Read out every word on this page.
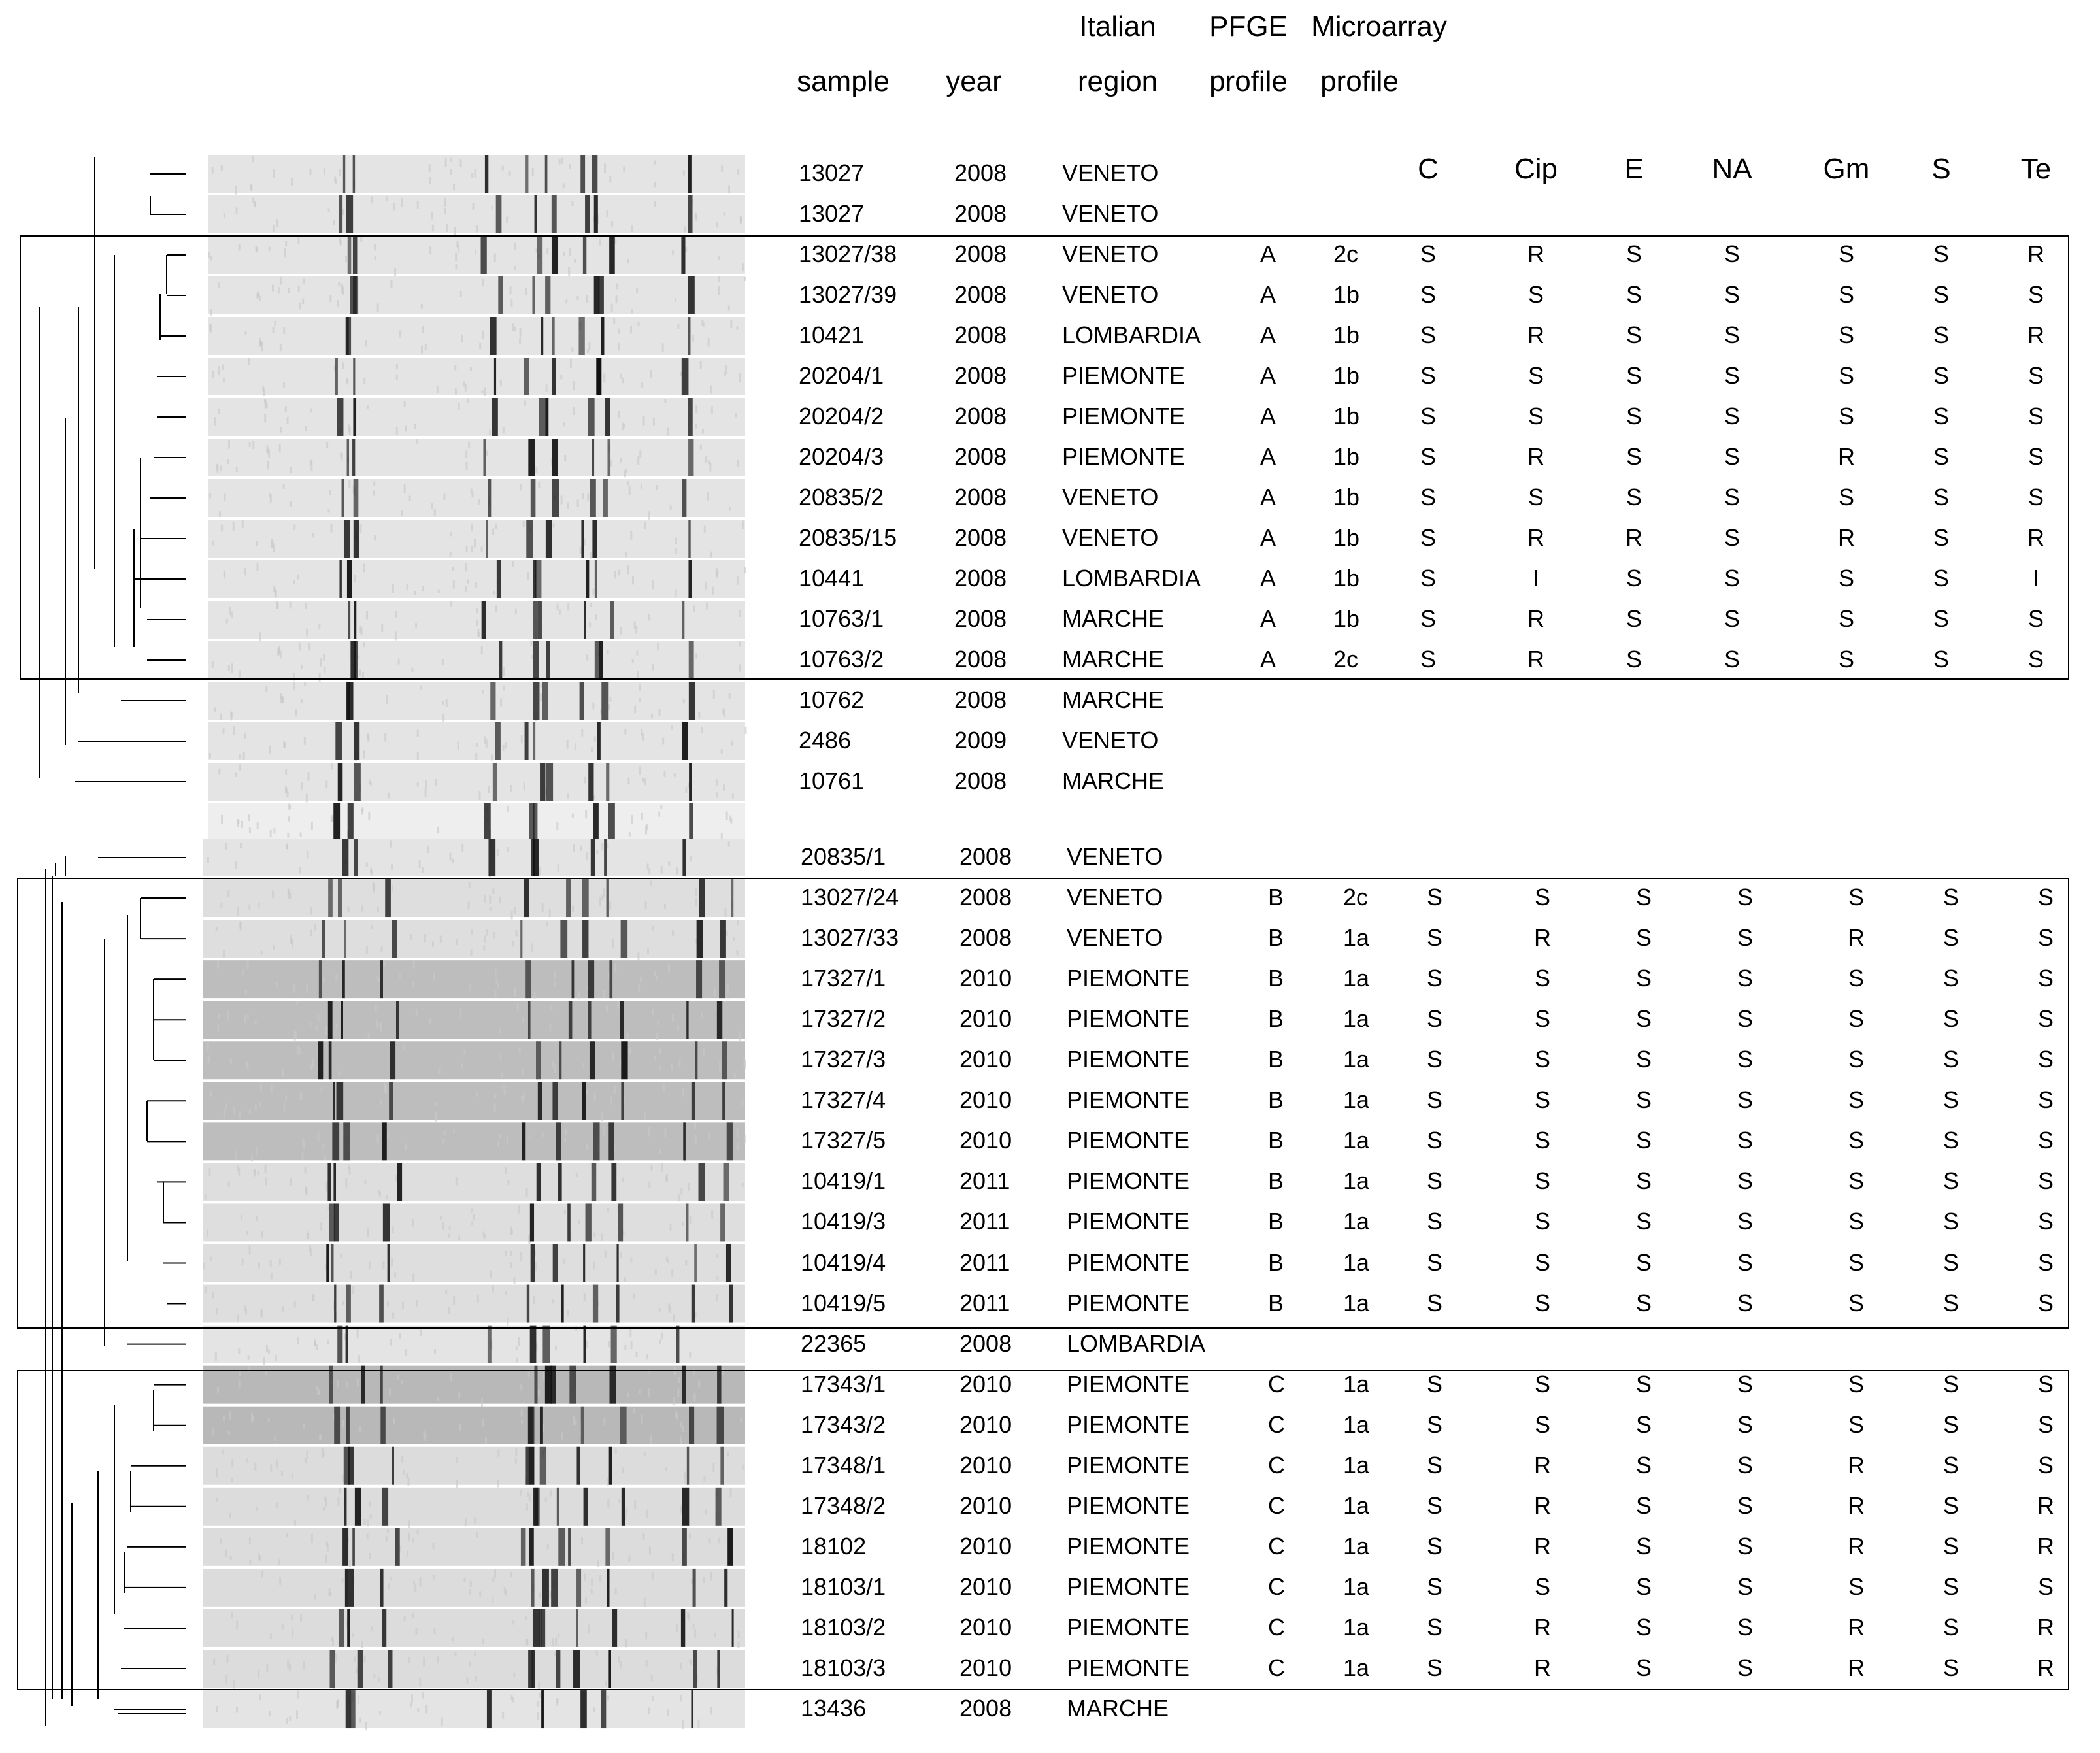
sample	year
Italian
region
PFGE
profile
Microarray
profile
C	Cip	E	NA	Gm	S	Te
13027	2008 VENETO
13027	2008 VENETO
13027/38 2008 VENETO	A 2c	S	R	S	S	S	S	R
13027/39 2008 VENETO	A 1b	S	S	S	S	S	S	S
10421	2008 LOMBARDIA	A 1b	S	R	S	S	S	S	R
20204/1	2008 PIEMONTE	A 1b	S	S	S	S	S	S	S
20204/2	2008 PIEMONTE	A 1b	S	S	S	S	S	S	S
20204/3	2008 PIEMONTE	A 1b	S	R	S	S	R	S	S
20835/2	2008 VENETO	A 1b	S	S	S	S	S	S	S
20835/15 2008 VENETO	A 1b	S	R	R	S	R	S	R
10441	2008 LOMBARDIA	A 1b	S	I	S	S	S	S	I
10763/1	2008 MARCHE	A 1b	S	R	S	S	S	S	S
10763/2	2008 MARCHE	A 2c	S	R	S	S	S	S	S
10762	2008 MARCHE
2486	2009 VENETO
10761	2008 MARCHE
20835/1	2008 VENETO
13027/24	2008 VENETO	B	2c S	S	S	S	S	S	S
13027/33	2008 VENETO	B	1a S	R	S	S	R	S	S
17327/1	2010 PIEMONTE	B	1a S	S	S	S	S	S	S
17327/2	2010 PIEMONTE	B	1a S	S	S	S	S	S	S
17327/3	2010 PIEMONTE	B	1a S	S	S	S	S	S	S
17327/4	2010 PIEMONTE	B	1a S	S	S	S	S	S	S
17327/5	2010 PIEMONTE	B	1a S	S	S	S	S	S	S
10419/1	2011 PIEMONTE	B	1a S	S	S	S	S	S	S
10419/3	2011 PIEMONTE	B	1a S	S	S	S	S	S	S
10419/4	2011 PIEMONTE	B	1a S	S	S	S	S	S	S
10419/5	2011 PIEMONTE	B	1a S	S	S	S	S	S	S
22365	2008 LOMBARDIA
17343/1	2010 PIEMONTE	C 1a S	S	S	S	S	S	S
17343/2	2010 PIEMONTE	C 1a S	S	S	S	S	S	S
17348/1	2010 PIEMONTE	C 1a S	R	S	S	R	S	S
17348/2	2010 PIEMONTE	C 1a S	R	S	S	R	S	R
18102	2010 PIEMONTE	C 1a S	R	S	S	R	S	R
18103/1	2010 PIEMONTE	C 1a S	S	S	S	S	S	S
18103/2	2010 PIEMONTE	C 1a S	R	S	S	R	S	R
18103/3	2010 PIEMONTE	C 1a S	R	S	S	R	S	R
13436	2008 MARCHE
